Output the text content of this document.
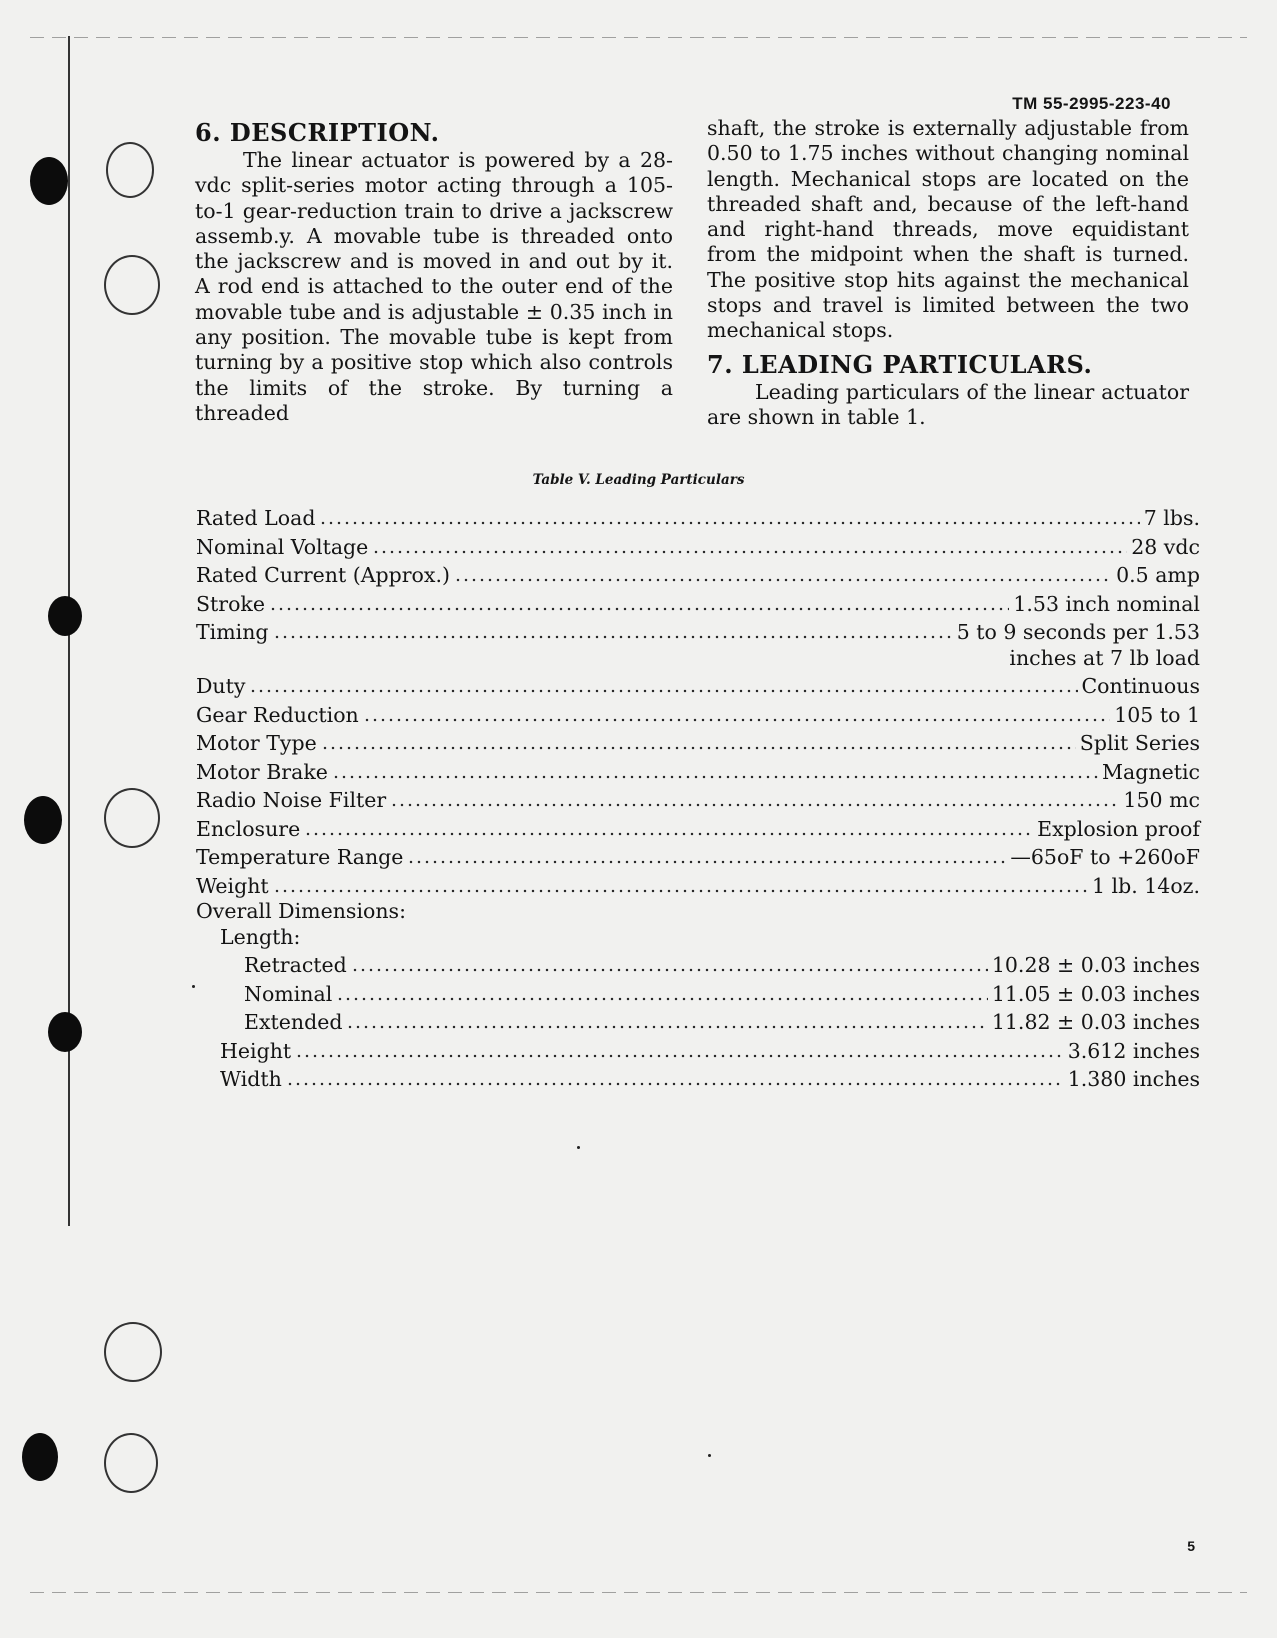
TM 55-2995-223-40
6. DESCRIPTION.

The linear actuator is powered by a 28-vdc split-series motor acting through a 105-to-1 gear-reduction train to drive a jackscrew assemb.y. A movable tube is threaded onto the jackscrew and is moved in and out by it. A rod end is attached to the outer end of the movable tube and is adjustable ± 0.35 inch in any position. The movable tube is kept from turning by a positive stop which also controls the limits of the stroke. By turning a threaded

shaft, the stroke is externally adjustable from 0.50 to 1.75 inches without changing nominal length. Mechanical stops are located on the threaded shaft and, because of the left-hand and right-hand threads, move equidistant from the midpoint when the shaft is turned. The positive stop hits against the mechanical stops and travel is limited between the two mechanical stops.

7. LEADING PARTICULARS.

Leading particulars of the linear actuator are shown in table 1.

Table V. Leading Particulars
Rated Load	7 lbs.
Nominal Voltage	28 vdc
Rated Current (Approx.)	0.5 amp
Stroke	1.53 inch nominal
Timing	5 to 9 seconds per 1.53
inches at 7 lb load
Duty	Continuous
Gear Reduction	105 to 1
Motor Type	Split Series
Motor Brake	Magnetic
Radio Noise Filter	150 mc
Enclosure	Explosion proof
Temperature Range	—65oF to +260oF
Weight	1 lb. 14oz.
Overall Dimensions:
Length:
Retracted	10.28 ± 0.03 inches
Nominal	11.05 ± 0.03 inches
Extended	11.82 ± 0.03 inches
Height	3.612 inches
Width	1.380 inches
5
